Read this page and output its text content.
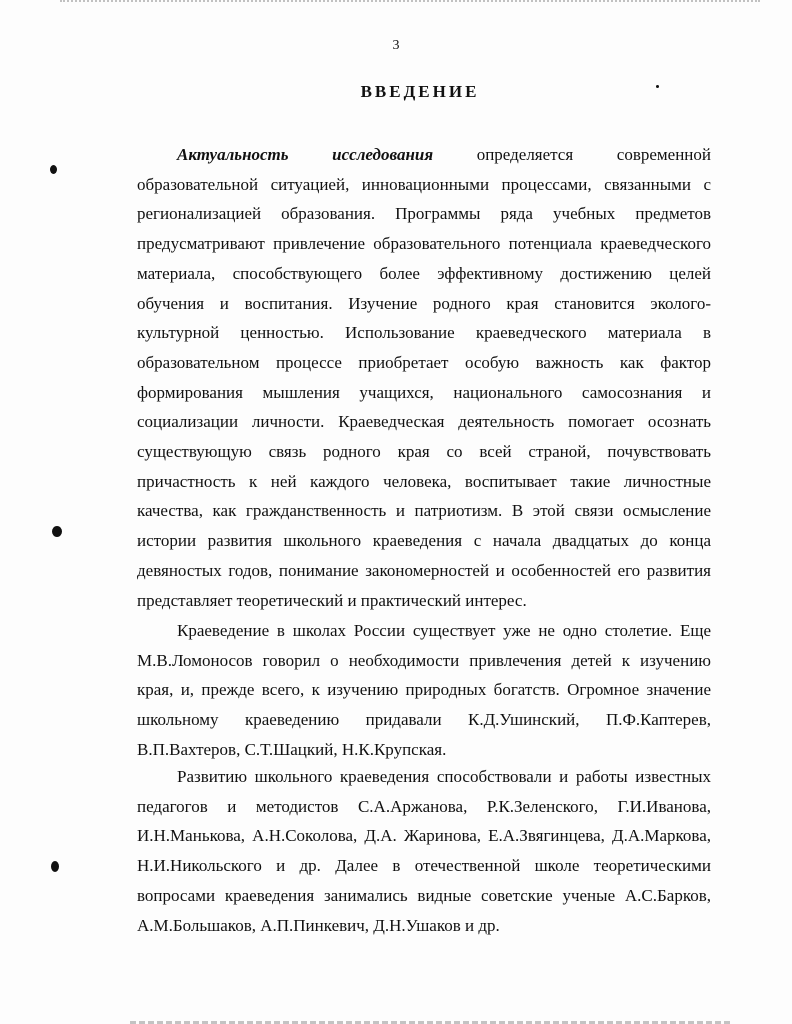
3
ВВЕДЕНИЕ

Актуальность исследования определяется современной образовательной ситуацией, инновационными процессами, связанными с регионализацией образования. Программы ряда учебных предметов предусматривают привлечение образовательного потенциала краеведческого материала, способствующего более эффективному достижению целей обучения и воспитания. Изучение родного края становится эколого-культурной ценностью. Использование краеведческого материала в образовательном процессе приобретает особую важность как фактор формирования мышления учащихся, национального самосознания и социализации личности. Краеведческая деятельность помогает осознать существующую связь родного края со всей страной, почувствовать причастность к ней каждого человека, воспитывает такие личностные качества, как гражданственность и патриотизм. В этой связи осмысление истории развития школьного краеведения с начала двадцатых до конца девяностых годов, понимание закономерностей и особенностей его развития представляет теоретический и практический интерес.

Краеведение в школах России существует уже не одно столетие. Еще М.В.Ломоносов говорил о необходимости привлечения детей к изучению края, и, прежде всего, к изучению природных богатств. Огромное значение школьному краеведению придавали К.Д.Ушинский, П.Ф.Каптерев, В.П.Вахтеров, С.Т.Шацкий, Н.К.Крупская.

Развитию школьного краеведения способствовали и работы известных педагогов и методистов С.А.Аржанова, Р.К.Зеленского, Г.И.Иванова, И.Н.Манькова, А.Н.Соколова, Д.А. Жаринова, Е.А.Звягинцева, Д.А.Маркова, Н.И.Никольского и др. Далее в отечественной школе теоретическими вопросами краеведения занимались видные советские ученые А.С.Барков, А.М.Большаков, А.П.Пинкевич, Д.Н.Ушаков и др.
